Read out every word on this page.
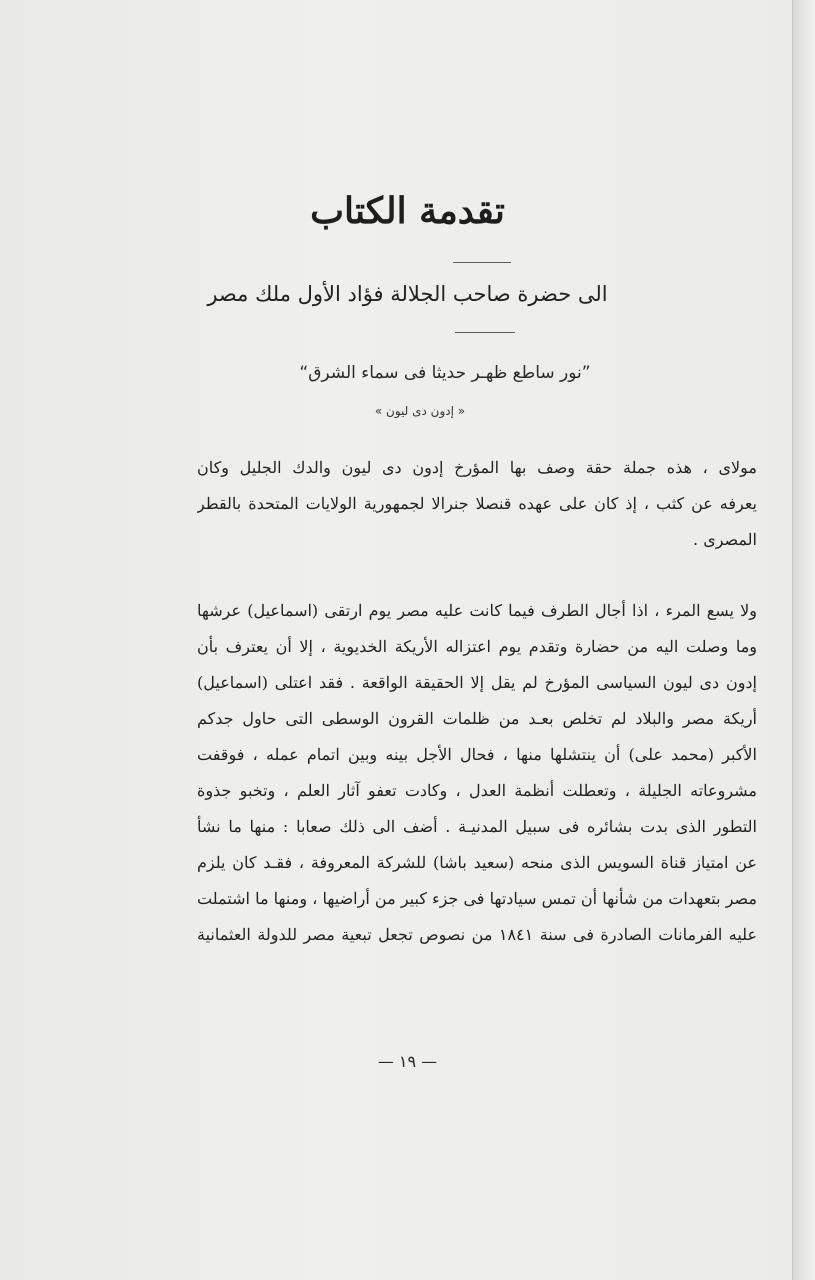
تقدمة الكتاب
الى حضرة صاحب الجلالة فؤاد الأول ملك مصر
”نور ساطع ظهـر حديثا فى سماء الشرق“
« إدون دى ليون »
مولاى ، هذه جملة حقة وصف بها المؤرخ إدون دى ليون والدك الجليل وكان
يعرفه عن كثب ، إذ كان على عهده قنصلا جنرالا لجمهورية الولايات المتحدة بالقطر
المصرى .
ولا يسع المرء ، اذا أجال الطرف فيما كانت عليه مصر يوم ارتقى (اسماعيل) عرشها
وما وصلت اليه من حضارة وتقدم يوم اعتزاله الأريكة الخديوية ، إلا أن يعترف بأن
إدون دى ليون السياسى المؤرخ لم يقل إلا الحقيقة الواقعة . فقد اعتلى (اسماعيل)
أريكة مصر والبلاد لم تخلص بعـد من ظلمات القرون الوسطى التى حاول جدكم
الأكبر (محمد على) أن ينتشلها منها ، فحال الأجل بينه وبين اتمام عمله ، فوقفت
مشروعاته الجليلة ، وتعطلت أنظمة العدل ، وكادت تعفو آثار العلم ، وتخبو جذوة
التطور الذى بدت بشائره فى سبيل المدنيـة . أضف الى ذلك صعابا : منها ما نشأ
عن امتياز قناة السويس الذى منحه (سعيد باشا) للشركة المعروفة ، فقـد كان يلزم
مصر بتعهدات من شأنها أن تمس سيادتها فى جزء كبير من أراضيها ، ومنها ما اشتملت
عليه الفرمانات الصادرة فى سنة ١٨٤١ من نصوص تجعل تبعية مصر للدولة العثمانية
— ١٩ —
